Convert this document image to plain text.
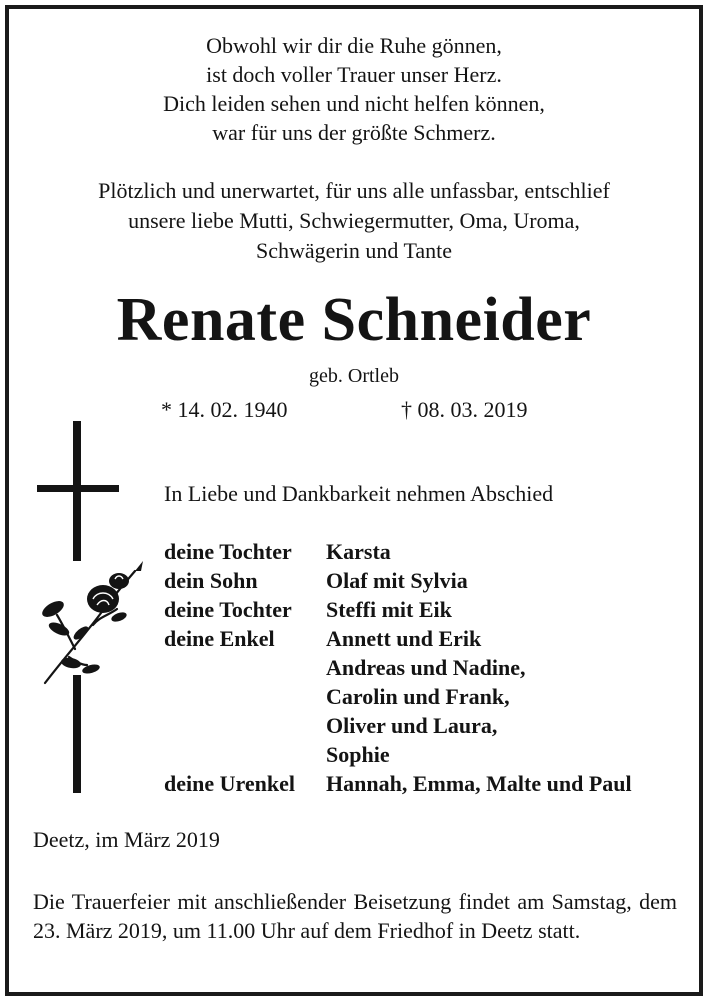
Obwohl wir dir die Ruhe gönnen,
ist doch voller Trauer unser Herz.
Dich leiden sehen und nicht helfen können,
war für uns der größte Schmerz.
Plötzlich und unerwartet, für uns alle unfassbar, entschlief
unsere liebe Mutti, Schwiegermutter, Oma, Uroma,
Schwägerin und Tante
Renate Schneider
geb. Ortleb
* 14. 02. 1940	† 08. 03. 2019
In Liebe und Dankbarkeit nehmen Abschied
deine Tochter	Karsta
dein Sohn	Olaf mit Sylvia
deine Tochter	Steffi mit Eik
deine Enkel	Annett und Erik
Andreas und Nadine,
Carolin und Frank,
Oliver und Laura,
Sophie
deine Urenkel	Hannah, Emma, Malte und Paul
Deetz, im März 2019
Die Trauerfeier mit anschließender Beisetzung findet am Samstag, dem 23. März 2019, um 11.00 Uhr auf dem Friedhof in Deetz statt.
